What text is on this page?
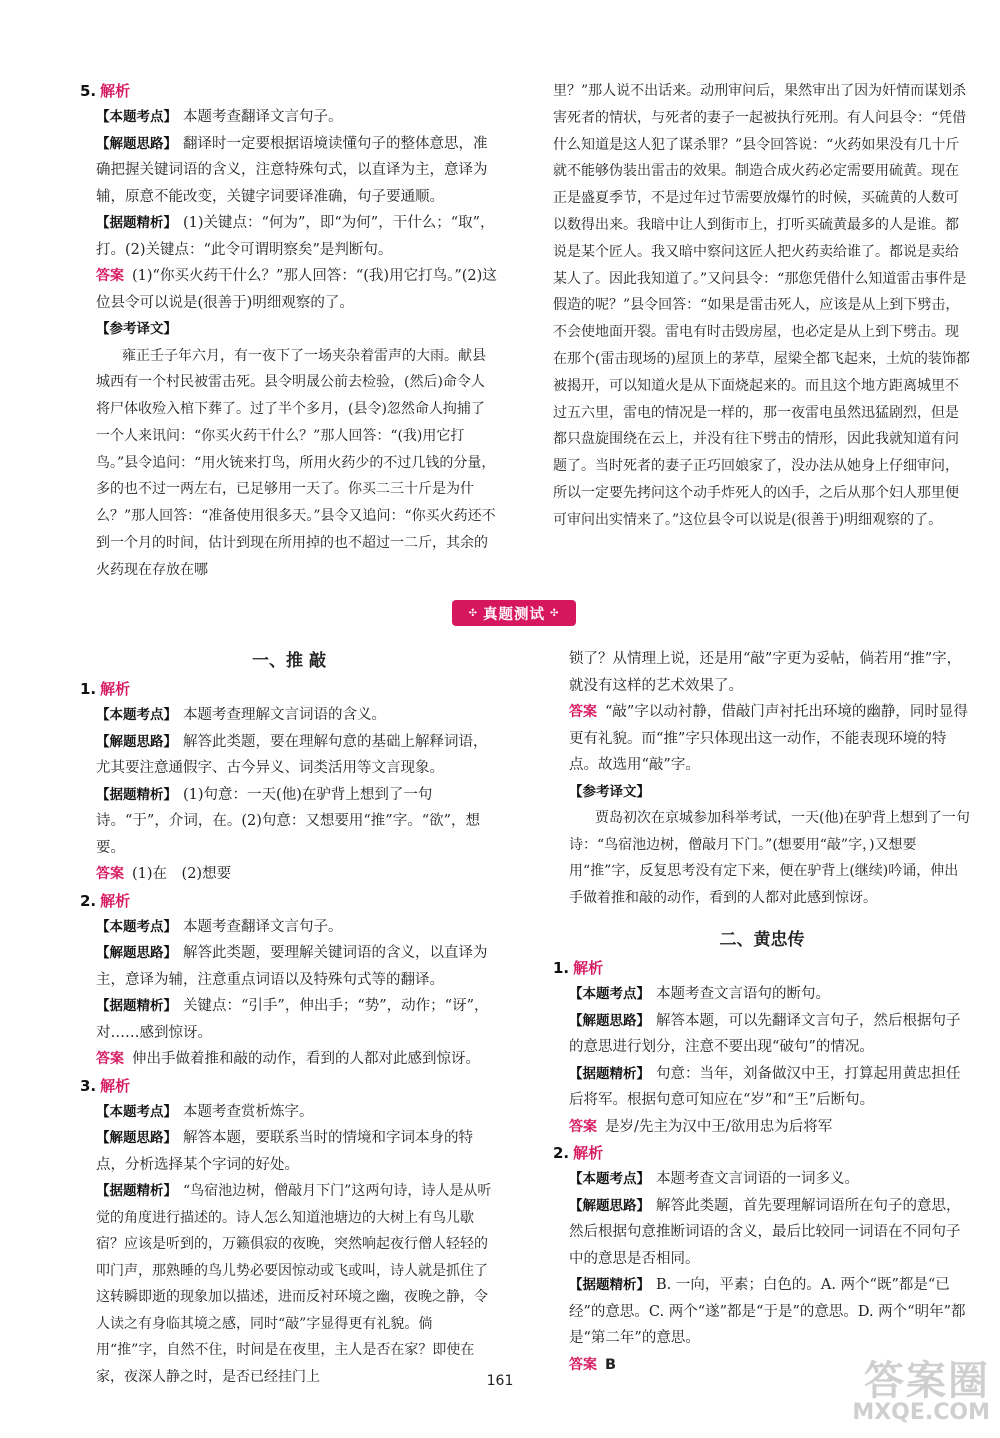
5. 解析

【本题考点】 本题考查翻译文言句子。

【解题思路】 翻译时一定要根据语境读懂句子的整体意思，准确把握关键词语的含义，注意特殊句式，以直译为主，意译为辅，原意不能改变，关键字词要译准确，句子要通顺。

【据题精析】 (1)关键点：“何为”，即“为何”，干什么；“取”，打。(2)关键点：“此令可谓明察矣”是判断句。

答案 (1)“你买火药干什么？”那人回答：“(我)用它打鸟。”(2)这位县令可以说是(很善于)明细观察的了。

【参考译文】

雍正壬子年六月，有一夜下了一场夹杂着雷声的大雨。献县城西有一个村民被雷击死。县令明晟公前去检验，(然后)命令人将尸体收殓入棺下葬了。过了半个多月，(县令)忽然命人拘捕了一个人来讯问：“你买火药干什么？”那人回答：“(我)用它打鸟。”县令追问：“用火铳来打鸟，所用火药少的不过几钱的分量，多的也不过一两左右，已足够用一天了。你买二三十斤是为什么？”那人回答：“准备使用很多天。”县令又追问：“你买火药还不到一个月的时间，估计到现在所用掉的也不超过一二斤，其余的火药现在存放在哪

里？”那人说不出话来。动刑审问后，果然审出了因为奸情而谋划杀害死者的情状，与死者的妻子一起被执行死刑。有人问县令：“凭借什么知道是这人犯了谋杀罪？”县令回答说：“火药如果没有几十斤就不能够伪装出雷击的效果。制造合成火药必定需要用硫黄。现在正是盛夏季节，不是过年过节需要放爆竹的时候，买硫黄的人数可以数得出来。我暗中让人到街市上，打听买硫黄最多的人是谁。都说是某个匠人。我又暗中察问这匠人把火药卖给谁了。都说是卖给某人了。因此我知道了。”又问县令：“那您凭借什么知道雷击事件是假造的呢？”县令回答：“如果是雷击死人，应该是从上到下劈击，不会使地面开裂。雷电有时击毁房屋，也必定是从上到下劈击。现在那个(雷击现场的)屋顶上的茅草，屋梁全都飞起来，土炕的装饰都被揭开，可以知道火是从下面烧起来的。而且这个地方距离城里不过五六里，雷电的情况是一样的，那一夜雷电虽然迅猛剧烈，但是都只盘旋围绕在云上，并没有往下劈击的情形，因此我就知道有问题了。当时死者的妻子正巧回娘家了，没办法从她身上仔细审问，所以一定要先拷问这个动手炸死人的凶手，之后从那个妇人那里便可审问出实情来了。”这位县令可以说是(很善于)明细观察的了。

✣ 真题测试 ✣

一、推 敲

1. 解析

【本题考点】 本题考查理解文言词语的含义。

【解题思路】 解答此类题，要在理解句意的基础上解释词语，尤其要注意通假字、古今异义、词类活用等文言现象。

【据题精析】 (1)句意：一天(他)在驴背上想到了一句诗。“于”，介词，在。(2)句意：又想要用“推”字。“欲”，想要。

答案 (1)在　(2)想要

2. 解析

【本题考点】 本题考查翻译文言句子。

【解题思路】 解答此类题，要理解关键词语的含义，以直译为主，意译为辅，注意重点词语以及特殊句式等的翻译。

【据题精析】 关键点：“引手”，伸出手；“势”，动作；“讶”，对……感到惊讶。

答案 伸出手做着推和敲的动作，看到的人都对此感到惊讶。

3. 解析

【本题考点】 本题考查赏析炼字。

【解题思路】 解答本题，要联系当时的情境和字词本身的特点，分析选择某个字词的好处。

【据题精析】 “鸟宿池边树，僧敲月下门”这两句诗，诗人是从听觉的角度进行描述的。诗人怎么知道池塘边的大树上有鸟儿歇宿？应该是听到的，万籁俱寂的夜晚，突然响起夜行僧人轻轻的叩门声，那熟睡的鸟儿势必要因惊动或飞或叫，诗人就是抓住了这转瞬即逝的现象加以描述，进而反衬环境之幽，夜晚之静，令人读之有身临其境之感，同时“敲”字显得更有礼貌。倘用“推”字，自然不住，时间是在夜里，主人是否在家？即使在家，夜深人静之时，是否已经挂门上

锁了？从情理上说，还是用“敲”字更为妥帖，倘若用“推”字，就没有这样的艺术效果了。

答案 “敲”字以动衬静，借敲门声衬托出环境的幽静，同时显得更有礼貌。而“推”字只体现出这一动作，不能表现环境的特点。故选用“敲”字。

【参考译文】

贾岛初次在京城参加科举考试，一天(他)在驴背上想到了一句诗：“鸟宿池边树，僧敲月下门。”(想要用“敲”字，)又想要用“推”字，反复思考没有定下来，便在驴背上(继续)吟诵，伸出手做着推和敲的动作，看到的人都对此感到惊讶。

二、黄忠传

1. 解析

【本题考点】 本题考查文言语句的断句。

【解题思路】 解答本题，可以先翻译文言句子，然后根据句子的意思进行划分，注意不要出现“破句”的情况。

【据题精析】 句意：当年，刘备做汉中王，打算起用黄忠担任后将军。根据句意可知应在“岁”和“王”后断句。

答案 是岁/先主为汉中王/欲用忠为后将军

2. 解析

【本题考点】 本题考查文言词语的一词多义。

【解题思路】 解答此类题，首先要理解词语所在句子的意思，然后根据句意推断词语的含义，最后比较同一词语在不同句子中的意思是否相同。

【据题精析】 B. 一向，平素；白色的。A. 两个“既”都是“已经”的意思。C. 两个“遂”都是“于是”的意思。D. 两个“明年”都是“第二年”的意思。

答案 B

161	答案圈
MXQE.COM
